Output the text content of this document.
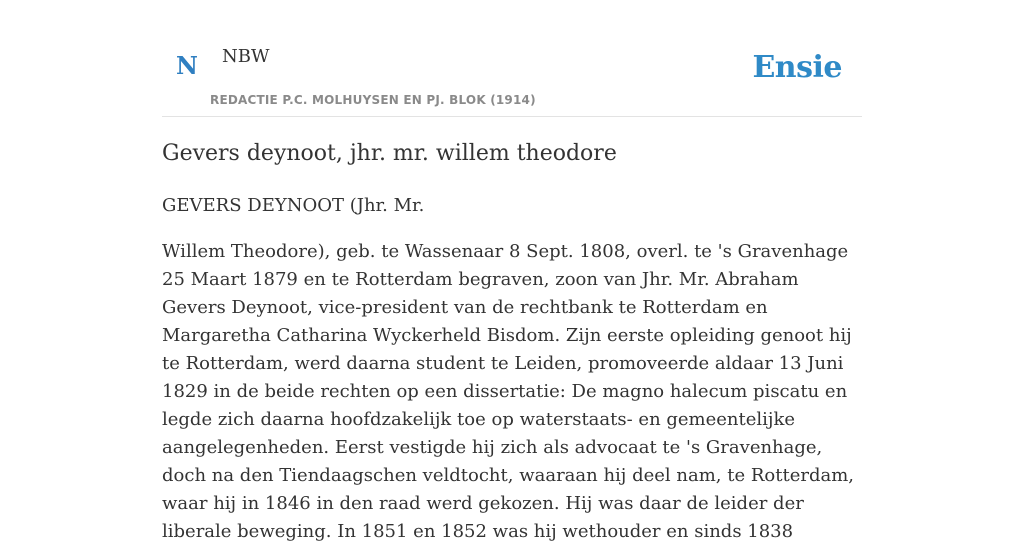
N NBW
REDACTIE P.C. MOLHUYSEN EN PJ. BLOK (1914)
Ensie
Gevers deynoot, jhr. mr. willem theodore

GEVERS DEYNOOT (Jhr. Mr.

Willem Theodore), geb. te Wassenaar 8 Sept. 1808, overl. te 's Gravenhage 25 Maart 1879 en te Rotterdam begraven, zoon van Jhr. Mr. Abraham Gevers Deynoot, vice-president van de rechtbank te Rotterdam en Margaretha Catharina Wyckerheld Bisdom. Zijn eerste opleiding genoot hij te Rotterdam, werd daarna student te Leiden, promoveerde aldaar 13 Juni 1829 in de beide rechten op een dissertatie: De magno halecum piscatu en legde zich daarna hoofdzakelijk toe op waterstaats- en gemeentelijke aangelegenheden. Eerst vestigde hij zich als advocaat te 's Gravenhage, doch na den Tiendaagschen veldtocht, waaraan hij deel nam, te Rotterdam, waar hij in 1846 in den raad werd gekozen. Hij was daar de leider der liberale beweging. In 1851 en 1852 was hij wethouder en sinds 1838
